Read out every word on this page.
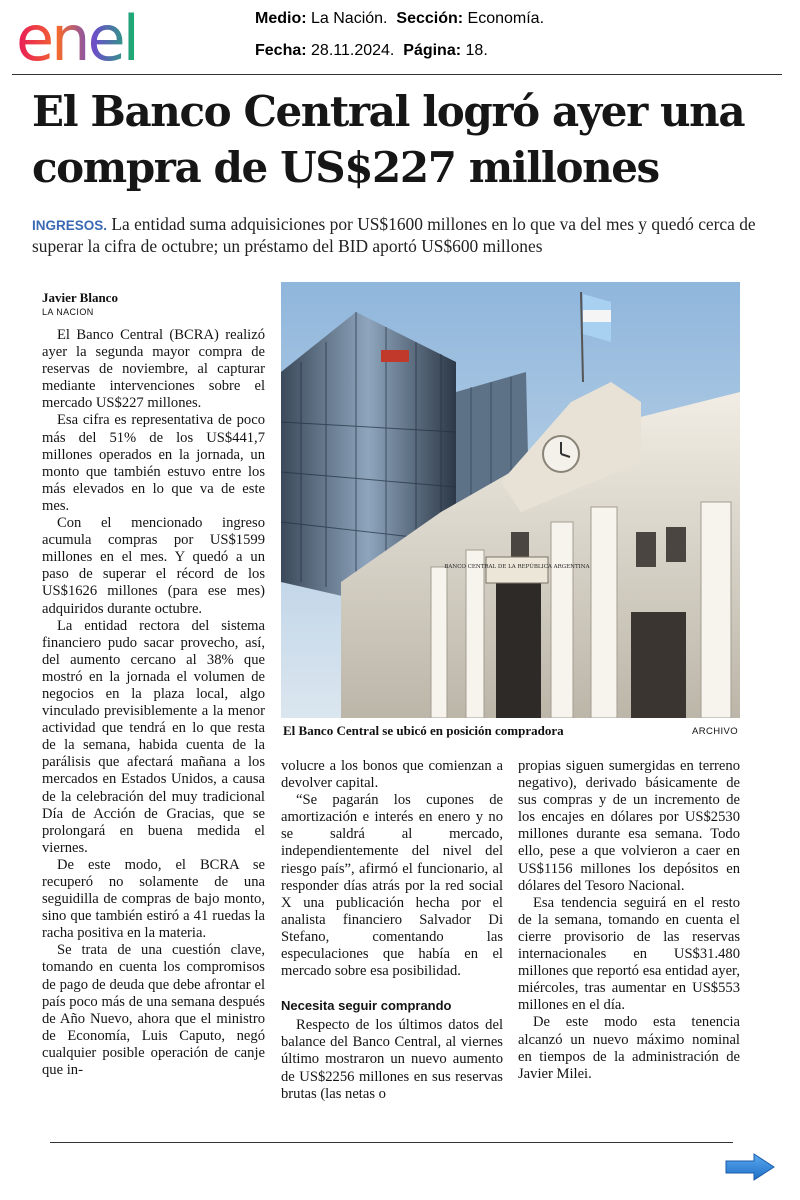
enel	Medio: La Nación. Sección: Economía.
Fecha: 28.11.2024. Página: 18.
El Banco Central logró ayer una compra de US$227 millones

INGRESOS. La entidad suma adquisiciones por US$1600 millones en lo que va del mes y quedó cerca de superar la cifra de octubre; un préstamo del BID aportó US$600 millones

Javier Blanco
LA NACION

El Banco Central (BCRA) realizó ayer la segunda mayor compra de reservas de noviembre, al capturar mediante intervenciones sobre el mercado US$227 millones.

Esa cifra es representativa de poco más del 51% de los US$441,7 millones operados en la jornada, un monto que también estuvo entre los más elevados en lo que va de este mes.

Con el mencionado ingreso acumula compras por US$1599 millones en el mes. Y quedó a un paso de superar el récord de los US$1626 millones (para ese mes) adquiridos durante octubre.

La entidad rectora del sistema financiero pudo sacar provecho, así, del aumento cercano al 38% que mostró en la jornada el volumen de negocios en la plaza local, algo vinculado previsiblemente a la menor actividad que tendrá en lo que resta de la semana, habida cuenta de la parálisis que afectará mañana a los mercados en Estados Unidos, a causa de la celebración del muy tradicional Día de Acción de Gracias, que se prolongará en buena medida el viernes.

De este modo, el BCRA se recuperó no solamente de una seguidilla de compras de bajo monto, sino que también estiró a 41 ruedas la racha positiva en la materia.

Se trata de una cuestión clave, tomando en cuenta los compromisos de pago de deuda que debe afrontar el país poco más de una semana después de Año Nuevo, ahora que el ministro de Economía, Luis Caputo, negó cualquier posible operación de canje que in-

BANCO CENTRAL DE LA REPÚBLICA ARGENTINA
El Banco Central se ubicó en posición compradora	ARCHIVO

volucre a los bonos que comienzan a devolver capital.

“Se pagarán los cupones de amortización e interés en enero y no se saldrá al mercado, independientemente del nivel del riesgo país”, afirmó el funcionario, al responder días atrás por la red social X una publicación hecha por el analista financiero Salvador Di Stefano, comentando las especulaciones que había en el mercado sobre esa posibilidad.

Necesita seguir comprando

Respecto de los últimos datos del balance del Banco Central, al viernes último mostraron un nuevo aumento de US$2256 millones en sus reservas brutas (las netas o

propias siguen sumergidas en terreno negativo), derivado básicamente de sus compras y de un incremento de los encajes en dólares por US$2530 millones durante esa semana. Todo ello, pese a que volvieron a caer en US$1156 millones los depósitos en dólares del Tesoro Nacional.

Esa tendencia seguirá en el resto de la semana, tomando en cuenta el cierre provisorio de las reservas internacionales en US$31.480 millones que reportó esa entidad ayer, miércoles, tras aumentar en US$553 millones en el día.

De este modo esta tenencia alcanzó un nuevo máximo nominal en tiempos de la administración de Javier Milei.
